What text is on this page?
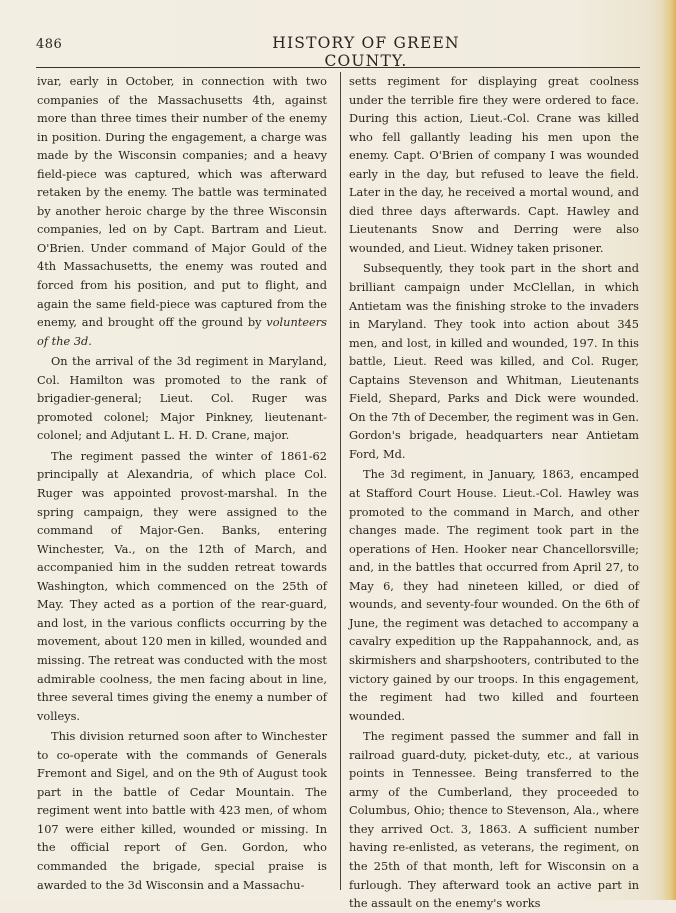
486	HISTORY OF GREEN COUNTY.

ivar, early in October, in connection with two companies of the Massachusetts 4th, against more than three times their number of the enemy in position. During the engagement, a charge was made by the Wisconsin companies; and a heavy field-piece was captured, which was afterward retaken by the enemy. The battle was terminated by another heroic charge by the three Wisconsin companies, led on by Capt. Bartram and Lieut. O'Brien. Under command of Major Gould of the 4th Massachusetts, the enemy was routed and forced from his position, and put to flight, and again the same field-piece was captured from the enemy, and brought off the ground by volunteers of the 3d.

On the arrival of the 3d regiment in Maryland, Col. Hamilton was promoted to the rank of brigadier-general; Lieut. Col. Ruger was promoted colonel; Major Pinkney, lieutenant-colonel; and Adjutant L. H. D. Crane, major.

The regiment passed the winter of 1861-62 principally at Alexandria, of which place Col. Ruger was appointed provost-marshal. In the spring campaign, they were assigned to the command of Major-Gen. Banks, entering Winchester, Va., on the 12th of March, and accompanied him in the sudden retreat towards Washington, which commenced on the 25th of May. They acted as a portion of the rear-guard, and lost, in the various conflicts occurring by the movement, about 120 men in killed, wounded and missing. The retreat was conducted with the most admirable coolness, the men facing about in line, three several times giving the enemy a number of volleys.

This division returned soon after to Winchester to co-operate with the commands of Generals Fremont and Sigel, and on the 9th of August took part in the battle of Cedar Mountain. The regiment went into battle with 423 men, of whom 107 were either killed, wounded or missing. In the official report of Gen. Gordon, who commanded the brigade, special praise is awarded to the 3d Wisconsin and a Massachu-

setts regiment for displaying great coolness under the terrible fire they were ordered to face. During this action, Lieut.-Col. Crane was killed who fell gallantly leading his men upon the enemy. Capt. O'Brien of company I was wounded early in the day, but refused to leave the field. Later in the day, he received a mortal wound, and died three days afterwards. Capt. Hawley and Lieutenants Snow and Derring were also wounded, and Lieut. Widney taken prisoner.

Subsequently, they took part in the short and brilliant campaign under McClellan, in which Antietam was the finishing stroke to the invaders in Maryland. They took into action about 345 men, and lost, in killed and wounded, 197. In this battle, Lieut. Reed was killed, and Col. Ruger, Captains Stevenson and Whitman, Lieutenants Field, Shepard, Parks and Dick were wounded. On the 7th of December, the regiment was in Gen. Gordon's brigade, headquarters near Antietam Ford, Md.

The 3d regiment, in January, 1863, encamped at Stafford Court House. Lieut.-Col. Hawley was promoted to the command in March, and other changes made. The regiment took part in the operations of Hen. Hooker near Chancellorsville; and, in the battles that occurred from April 27, to May 6, they had nineteen killed, or died of wounds, and seventy-four wounded. On the 6th of June, the regiment was detached to accompany a cavalry expedition up the Rappahannock, and, as skirmishers and sharpshooters, contributed to the victory gained by our troops. In this engagement, the regiment had two killed and fourteen wounded.

The regiment passed the summer and fall in railroad guard-duty, picket-duty, etc., at various points in Tennessee. Being transferred to the army of the Cumberland, they proceeded to Columbus, Ohio; thence to Stevenson, Ala., where they arrived Oct. 3, 1863. A sufficient number having re-enlisted, as veterans, the regiment, on the 25th of that month, left for Wisconsin on a furlough. They afterward took an active part in the assault on the enemy's works
